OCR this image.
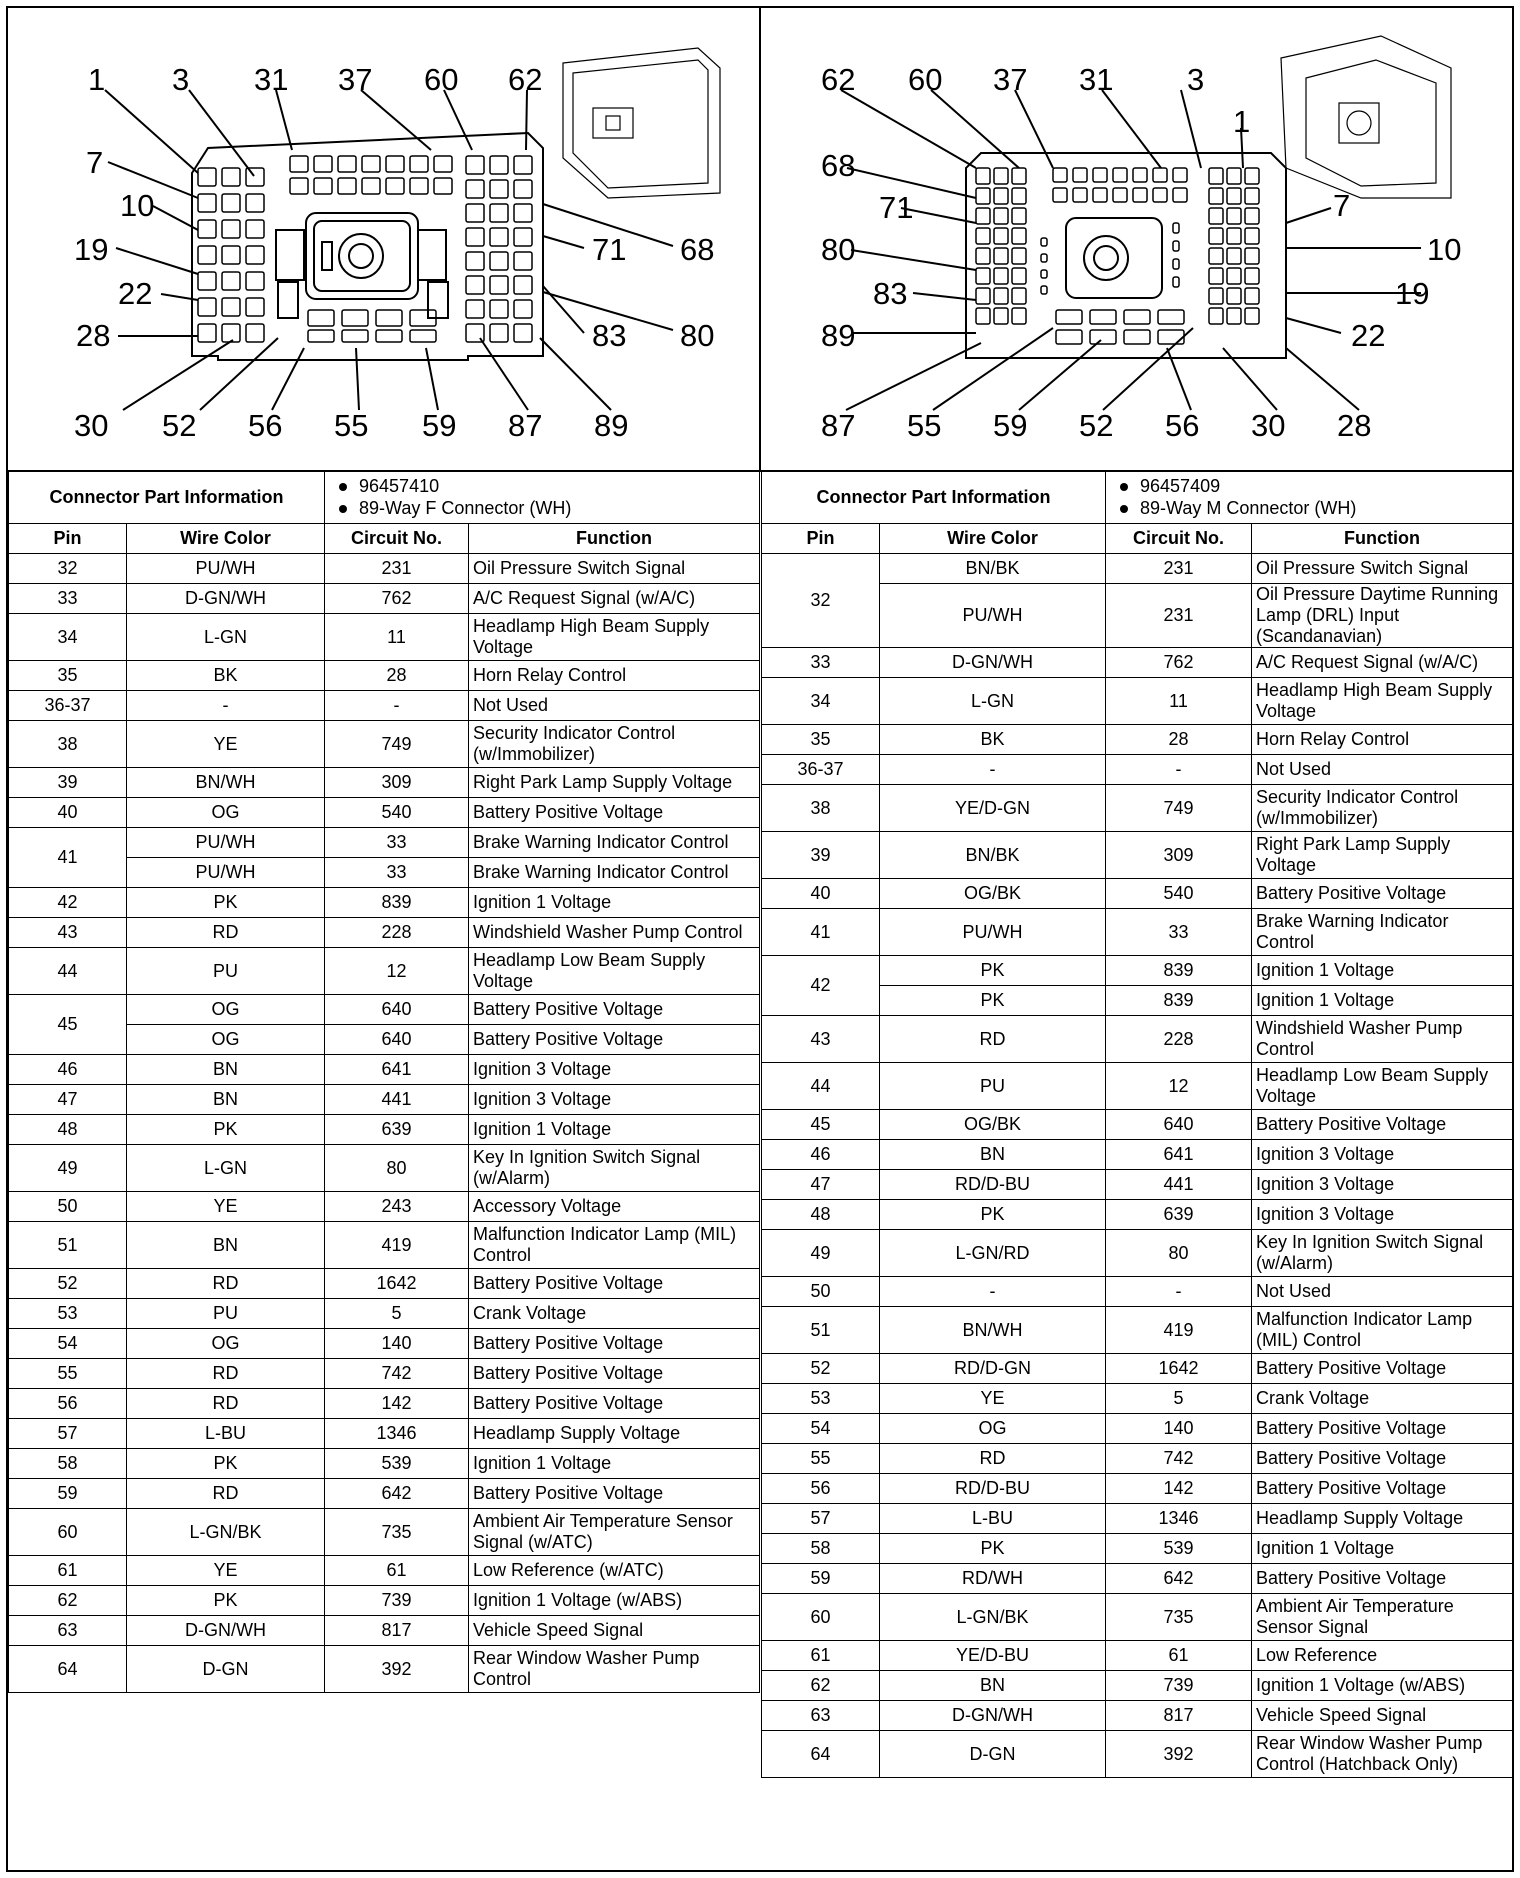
1 3 31 37 60 62
7
10
19
22
28
71 68
83 80
30 52 56 55 59 87 89
62 60 37 31 3
1
68
71
80
83
89
7
10
19
22
87 55 59 52 56 30 28
Connector Part Information		96457410
89-Way F Connector (WH)	

Pin	Wire Color	Circuit No.	Function
32	PU/WH	231	Oil Pressure Switch Signal
33	D-GN/WH	762	A/C Request Signal (w/A/C)
34	L-GN	11	Headlamp High Beam Supply Voltage
35	BK	28	Horn Relay Control
36-37	-	-	Not Used
38	YE	749	Security Indicator Control (w/Immobilizer)
39	BN/WH	309	Right Park Lamp Supply Voltage
40	OG	540	Battery Positive Voltage
41	PU/WH	33	Brake Warning Indicator Control
	PU/WH	33	Brake Warning Indicator Control
42	PK	839	Ignition 1 Voltage
43	RD	228	Windshield Washer Pump Control
44	PU	12	Headlamp Low Beam Supply Voltage
45	OG	640	Battery Positive Voltage
	OG	640	Battery Positive Voltage
46	BN	641	Ignition 3 Voltage
47	BN	441	Ignition 3 Voltage
48	PK	639	Ignition 1 Voltage
49	L-GN	80	Key In Ignition Switch Signal (w/Alarm)
50	YE	243	Accessory Voltage
51	BN	419	Malfunction Indicator Lamp (MIL) Control
52	RD	1642	Battery Positive Voltage
53	PU	5	Crank Voltage
54	OG	140	Battery Positive Voltage
55	RD	742	Battery Positive Voltage
56	RD	142	Battery Positive Voltage
57	L-BU	1346	Headlamp Supply Voltage
58	PK	539	Ignition 1 Voltage
59	RD	642	Battery Positive Voltage
60	L-GN/BK	735	Ambient Air Temperature Sensor Signal (w/ATC)
61	YE	61	Low Reference (w/ATC)
62	PK	739	Ignition 1 Voltage (w/ABS)
63	D-GN/WH	817	Vehicle Speed Signal
64	D-GN	392	Rear Window Washer Pump Control
Connector Part Information		96457409
89-Way M Connector (WH)	

Pin	Wire Color	Circuit No.	Function
32	BN/BK	231	Oil Pressure Switch Signal
	PU/WH	231	Oil Pressure Daytime Running Lamp (DRL) Input (Scandanavian)
33	D-GN/WH	762	A/C Request Signal (w/A/C)
34	L-GN	11	Headlamp High Beam Supply Voltage
35	BK	28	Horn Relay Control
36-37	-	-	Not Used
38	YE/D-GN	749	Security Indicator Control (w/Immobilizer)
39	BN/BK	309	Right Park Lamp Supply Voltage
40	OG/BK	540	Battery Positive Voltage
41	PU/WH	33	Brake Warning Indicator Control
42	PK	839	Ignition 1 Voltage
	PK	839	Ignition 1 Voltage
43	RD	228	Windshield Washer Pump Control
44	PU	12	Headlamp Low Beam Supply Voltage
45	OG/BK	640	Battery Positive Voltage
46	BN	641	Ignition 3 Voltage
47	RD/D-BU	441	Ignition 3 Voltage
48	PK	639	Ignition 3 Voltage
49	L-GN/RD	80	Key In Ignition Switch Signal (w/Alarm)
50	-	-	Not Used
51	BN/WH	419	Malfunction Indicator Lamp (MIL) Control
52	RD/D-GN	1642	Battery Positive Voltage
53	YE	5	Crank Voltage
54	OG	140	Battery Positive Voltage
55	RD	742	Battery Positive Voltage
56	RD/D-BU	142	Battery Positive Voltage
57	L-BU	1346	Headlamp Supply Voltage
58	PK	539	Ignition 1 Voltage
59	RD/WH	642	Battery Positive Voltage
60	L-GN/BK	735	Ambient Air Temperature Sensor Signal
61	YE/D-BU	61	Low Reference
62	BN	739	Ignition 1 Voltage (w/ABS)
63	D-GN/WH	817	Vehicle Speed Signal
64	D-GN	392	Rear Window Washer Pump Control (Hatchback Only)
